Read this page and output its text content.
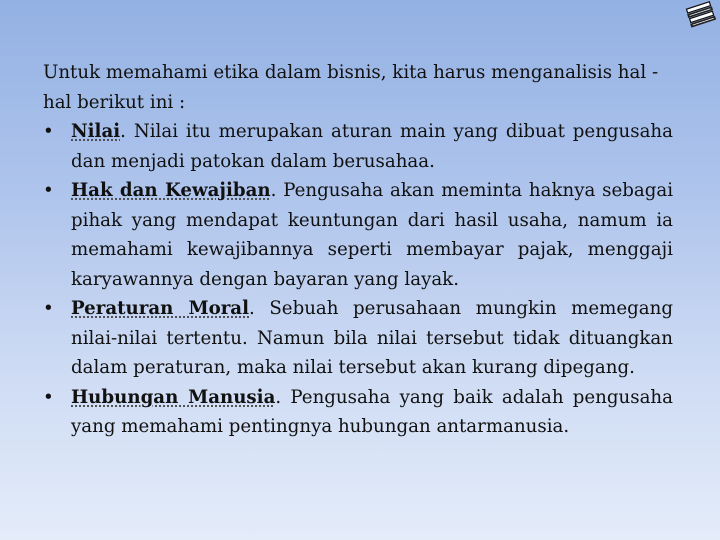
Untuk memahami etika dalam bisnis, kita harus menganalisis hal -hal berikut ini :

• Nilai. Nilai itu merupakan aturan main yang dibuat pengusaha dan menjadi patokan dalam berusahaa.
• Hak dan Kewajiban. Pengusaha akan meminta haknya sebagai pihak yang mendapat keuntungan dari hasil usaha, namum ia memahami kewajibannya seperti membayar pajak, menggaji karyawannya dengan bayaran yang layak.
• Peraturan Moral. Sebuah perusahaan mungkin memegang nilai-nilai tertentu. Namun bila nilai tersebut tidak dituangkan dalam peraturan, maka nilai tersebut akan kurang dipegang.
• Hubungan Manusia. Pengusaha yang baik adalah pengusaha yang memahami pentingnya hubungan antarmanusia.
